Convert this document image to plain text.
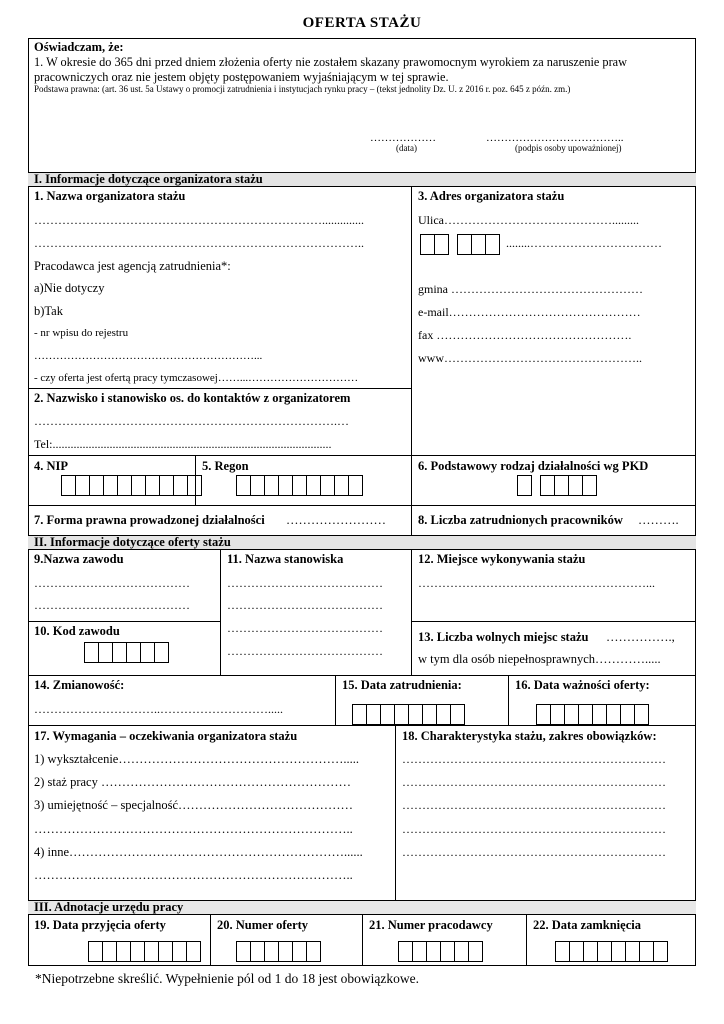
OFERTA STAŻU
Oświadczam, że:
1. W okresie do 365 dni przed dniem złożenia oferty nie zostałem skazany prawomocnym wyrokiem za naruszenie praw
pracowniczych oraz nie jestem objęty postępowaniem wyjaśniającym w tej sprawie.
Podstawa prawna: (art. 36 ust. 5a Ustawy o promocji zatrudnienia i instytucjach rynku pracy – (tekst jednolity Dz. U. z 2016 r. poz. 645 z późn. zm.)
………………
(data)
………………………………..
(podpis osoby upoważnionej)
I. Informacje dotyczące organizatora stażu
1. Nazwa organizatora stażu
………………………………………………………………..............
………………………………………………………………………..
Pracodawca jest agencją zatrudnienia*:
a)Nie dotyczy
b)Tak
- nr wpisu do rejestru
……………………………………………………...
- czy oferta jest ofertą pracy tymczasowej……...…………………………
3. Adres organizatora stażu
Ulica…………………………………….........
........……………………………
gmina …………………………………………
e-mail…………………………………………
fax ………………………………………….
www…………………………………………..
2. Nazwisko i stanowisko os. do kontaktów z organizatorem
………………………………………………………………….…
Tel:.............................................................................................
4. NIP	5. Regon	6. Podstawowy rodzaj działalności wg PKD
7. Forma prawna prowadzonej działalności ……………………	8. Liczba zatrudnionych pracowników ……….
II. Informacje dotyczące oferty stażu
9.Nazwa zawodu
…………………………………
…………………………………
10. Kod zawodu
11. Nazwa stanowiska
…………………………………
…………………………………
…………………………………
…………………………………
12. Miejsce wykonywania stażu
…………………………………………………...
13. Liczba wolnych miejsc stażu …………….,
w tym dla osób niepełnosprawnych………….....
14. Zmianowość:
…………………………..……………………….....
15. Data zatrudnienia:	16. Data ważności oferty:
17. Wymagania – oczekiwania organizatora stażu
1) wykształcenie……………………………………………….....
2) staż pracy ……………………………………………………
3) umiejętność – specjalność……………………………………
…………………………………………………………………..
4) inne…………………………………………………………......
…………………………………………………………………..
18. Charakterystyka stażu, zakres obowiązków:
…………………………………………………………
…………………………………………………………
…………………………………………………………
…………………………………………………………
…………………………………………………………
III. Adnotacje urzędu pracy
19. Data przyjęcia oferty	20. Numer oferty	21. Numer pracodawcy	22. Data zamknięcia
*Niepotrzebne skreślić. Wypełnienie pól od 1 do 18 jest obowiązkowe.
